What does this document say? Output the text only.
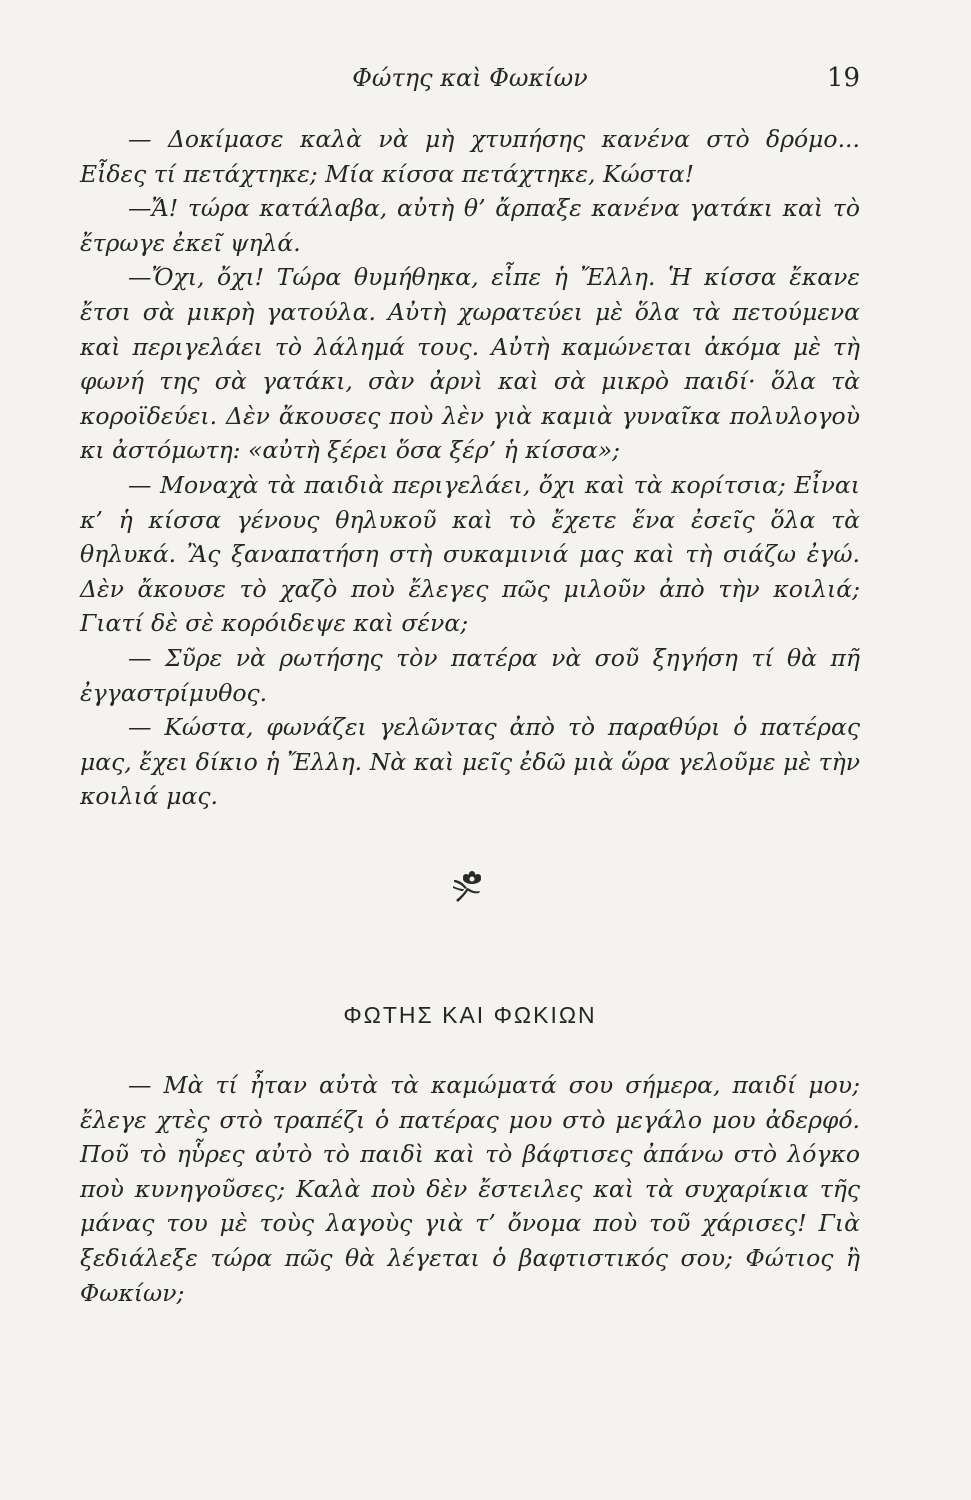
Φώτης καὶ Φωκίων	19

— Δοκίμασε καλὰ νὰ μὴ χτυπήσης κανένα στὸ δρόμο... Εἶδες τί πετάχτηκε; Μία κίσσα πετάχτηκε, Κώστα!

—Ἄ! τώρα κατάλαβα, αὐτὴ θ’ ἄρπαξε κανένα γατάκι καὶ τὸ ἔτρωγε ἐκεῖ ψηλά.

—Ὄχι, ὄχι! Τώρα θυμήθηκα, εἶπε ἡ Ἔλλη. Ἡ κίσσα ἔκανε ἔτσι σὰ μικρὴ γατούλα. Αὐτὴ χωρατεύει μὲ ὅλα τὰ πετούμενα καὶ περιγελάει τὸ λάλημά τους. Αὐτὴ καμώνεται ἀκόμα μὲ τὴ φωνή της σὰ γατάκι, σὰν ἀρνὶ καὶ σὰ μικρὸ παιδί· ὅλα τὰ κοροϊδεύει. Δὲν ἄκουσες ποὺ λὲν γιὰ καμιὰ γυναῖκα πολυλογοὺ κι ἀστόμωτη: «αὐτὴ ξέρει ὅσα ξέρ’ ἡ κίσσα»;

— Μοναχὰ τὰ παιδιὰ περιγελάει, ὄχι καὶ τὰ κορίτσια; Εἶναι κ’ ἡ κίσσα γένους θηλυκοῦ καὶ τὸ ἔχετε ἕνα ἐσεῖς ὅλα τὰ θηλυκά. Ἂς ξαναπατήση στὴ συκαμινιά μας καὶ τὴ σιάζω ἐγώ. Δὲν ἄκουσε τὸ χαζὸ ποὺ ἔλεγες πῶς μιλοῦν ἀπὸ τὴν κοιλιά; Γιατί δὲ σὲ κορόιδεψε καὶ σένα;

— Σῦρε νὰ ρωτήσης τὸν πατέρα νὰ σοῦ ξηγήση τί θὰ πῆ ἐγγαστρίμυθος.

— Κώστα, φωνάζει γελῶντας ἀπὸ τὸ παραθύρι ὁ πατέρας μας, ἔχει δίκιο ἡ Ἔλλη. Νὰ καὶ μεῖς ἐδῶ μιὰ ὥρα γελοῦμε μὲ τὴν κοιλιά μας.

ΦΩΤΗΣ ΚΑΙ ΦΩΚΙΩΝ

— Μὰ τί ἦταν αὐτὰ τὰ καμώματά σου σήμερα, παιδί μου; ἔλεγε χτὲς στὸ τραπέζι ὁ πατέρας μου στὸ μεγάλο μου ἀδερφό. Ποῦ τὸ ηὗρες αὐτὸ τὸ παιδὶ καὶ τὸ βάφτισες ἀπάνω στὸ λόγκο ποὺ κυνηγοῦσες; Καλὰ ποὺ δὲν ἔστειλες καὶ τὰ συχαρίκια τῆς μάνας του μὲ τοὺς λαγοὺς γιὰ τ’ ὄνομα ποὺ τοῦ χάρισες! Γιὰ ξεδιάλεξε τώρα πῶς θὰ λέγεται ὁ βαφτιστικός σου; Φώτιος ἢ Φωκίων;
